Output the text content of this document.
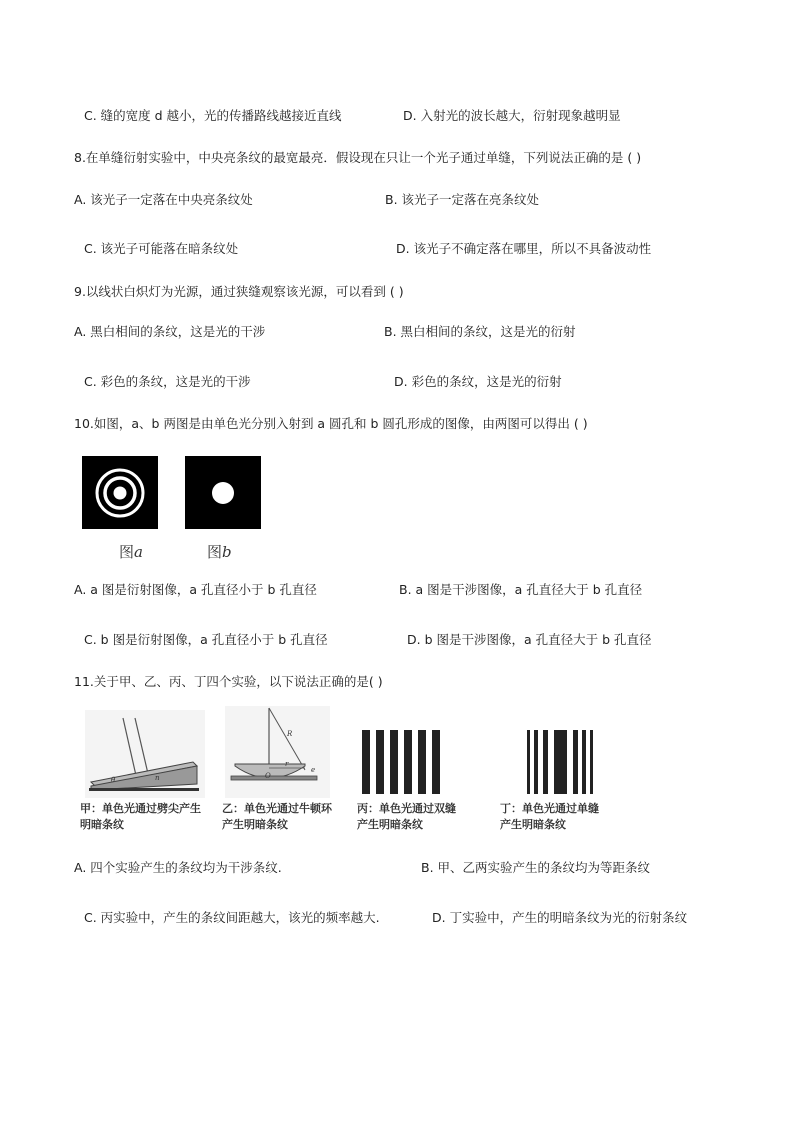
C. 缝的宽度 d 越小，光的传播路线越接近直线	D. 入射光的波长越大，衍射现象越明显
8.在单缝衍射实验中，中央亮条纹的最宽最亮．假设现在只让一个光子通过单缝，下列说法正确的是 ( )
A. 该光子一定落在中央亮条纹处	B. 该光子一定落在亮条纹处
C. 该光子可能落在暗条纹处	D. 该光子不确定落在哪里，所以不具备波动性
9.以线状白炽灯为光源，通过狭缝观察该光源，可以看到 ( )
A. 黑白相间的条纹，这是光的干涉	B. 黑白相间的条纹，这是光的衍射
C. 彩色的条纹，这是光的干涉	D. 彩色的条纹，这是光的衍射
10.如图，a、b 两图是由单色光分别入射到 a 圆孔和 b 圆孔形成的图像，由两图可以得出 ( )
图a	图b
A. a 图是衍射图像，a 孔直径小于 b 孔直径	B. a 图是干涉图像，a 孔直径大于 b 孔直径
C. b 图是衍射图像，a 孔直径小于 b 孔直径	D. b 图是干涉图像，a 孔直径大于 b 孔直径
11.关于甲、乙、丙、丁四个实验，以下说法正确的是( )
θ	n
R
r
O
e
甲：单色光通过劈尖产生
明暗条纹
乙：单色光通过牛顿环
产生明暗条纹
丙：单色光通过双缝
产生明暗条纹
丁：单色光通过单缝
产生明暗条纹
A. 四个实验产生的条纹均为干涉条纹.	B. 甲、乙两实验产生的条纹均为等距条纹
C. 丙实验中，产生的条纹间距越大，该光的频率越大.	D. 丁实验中，产生的明暗条纹为光的衍射条纹
